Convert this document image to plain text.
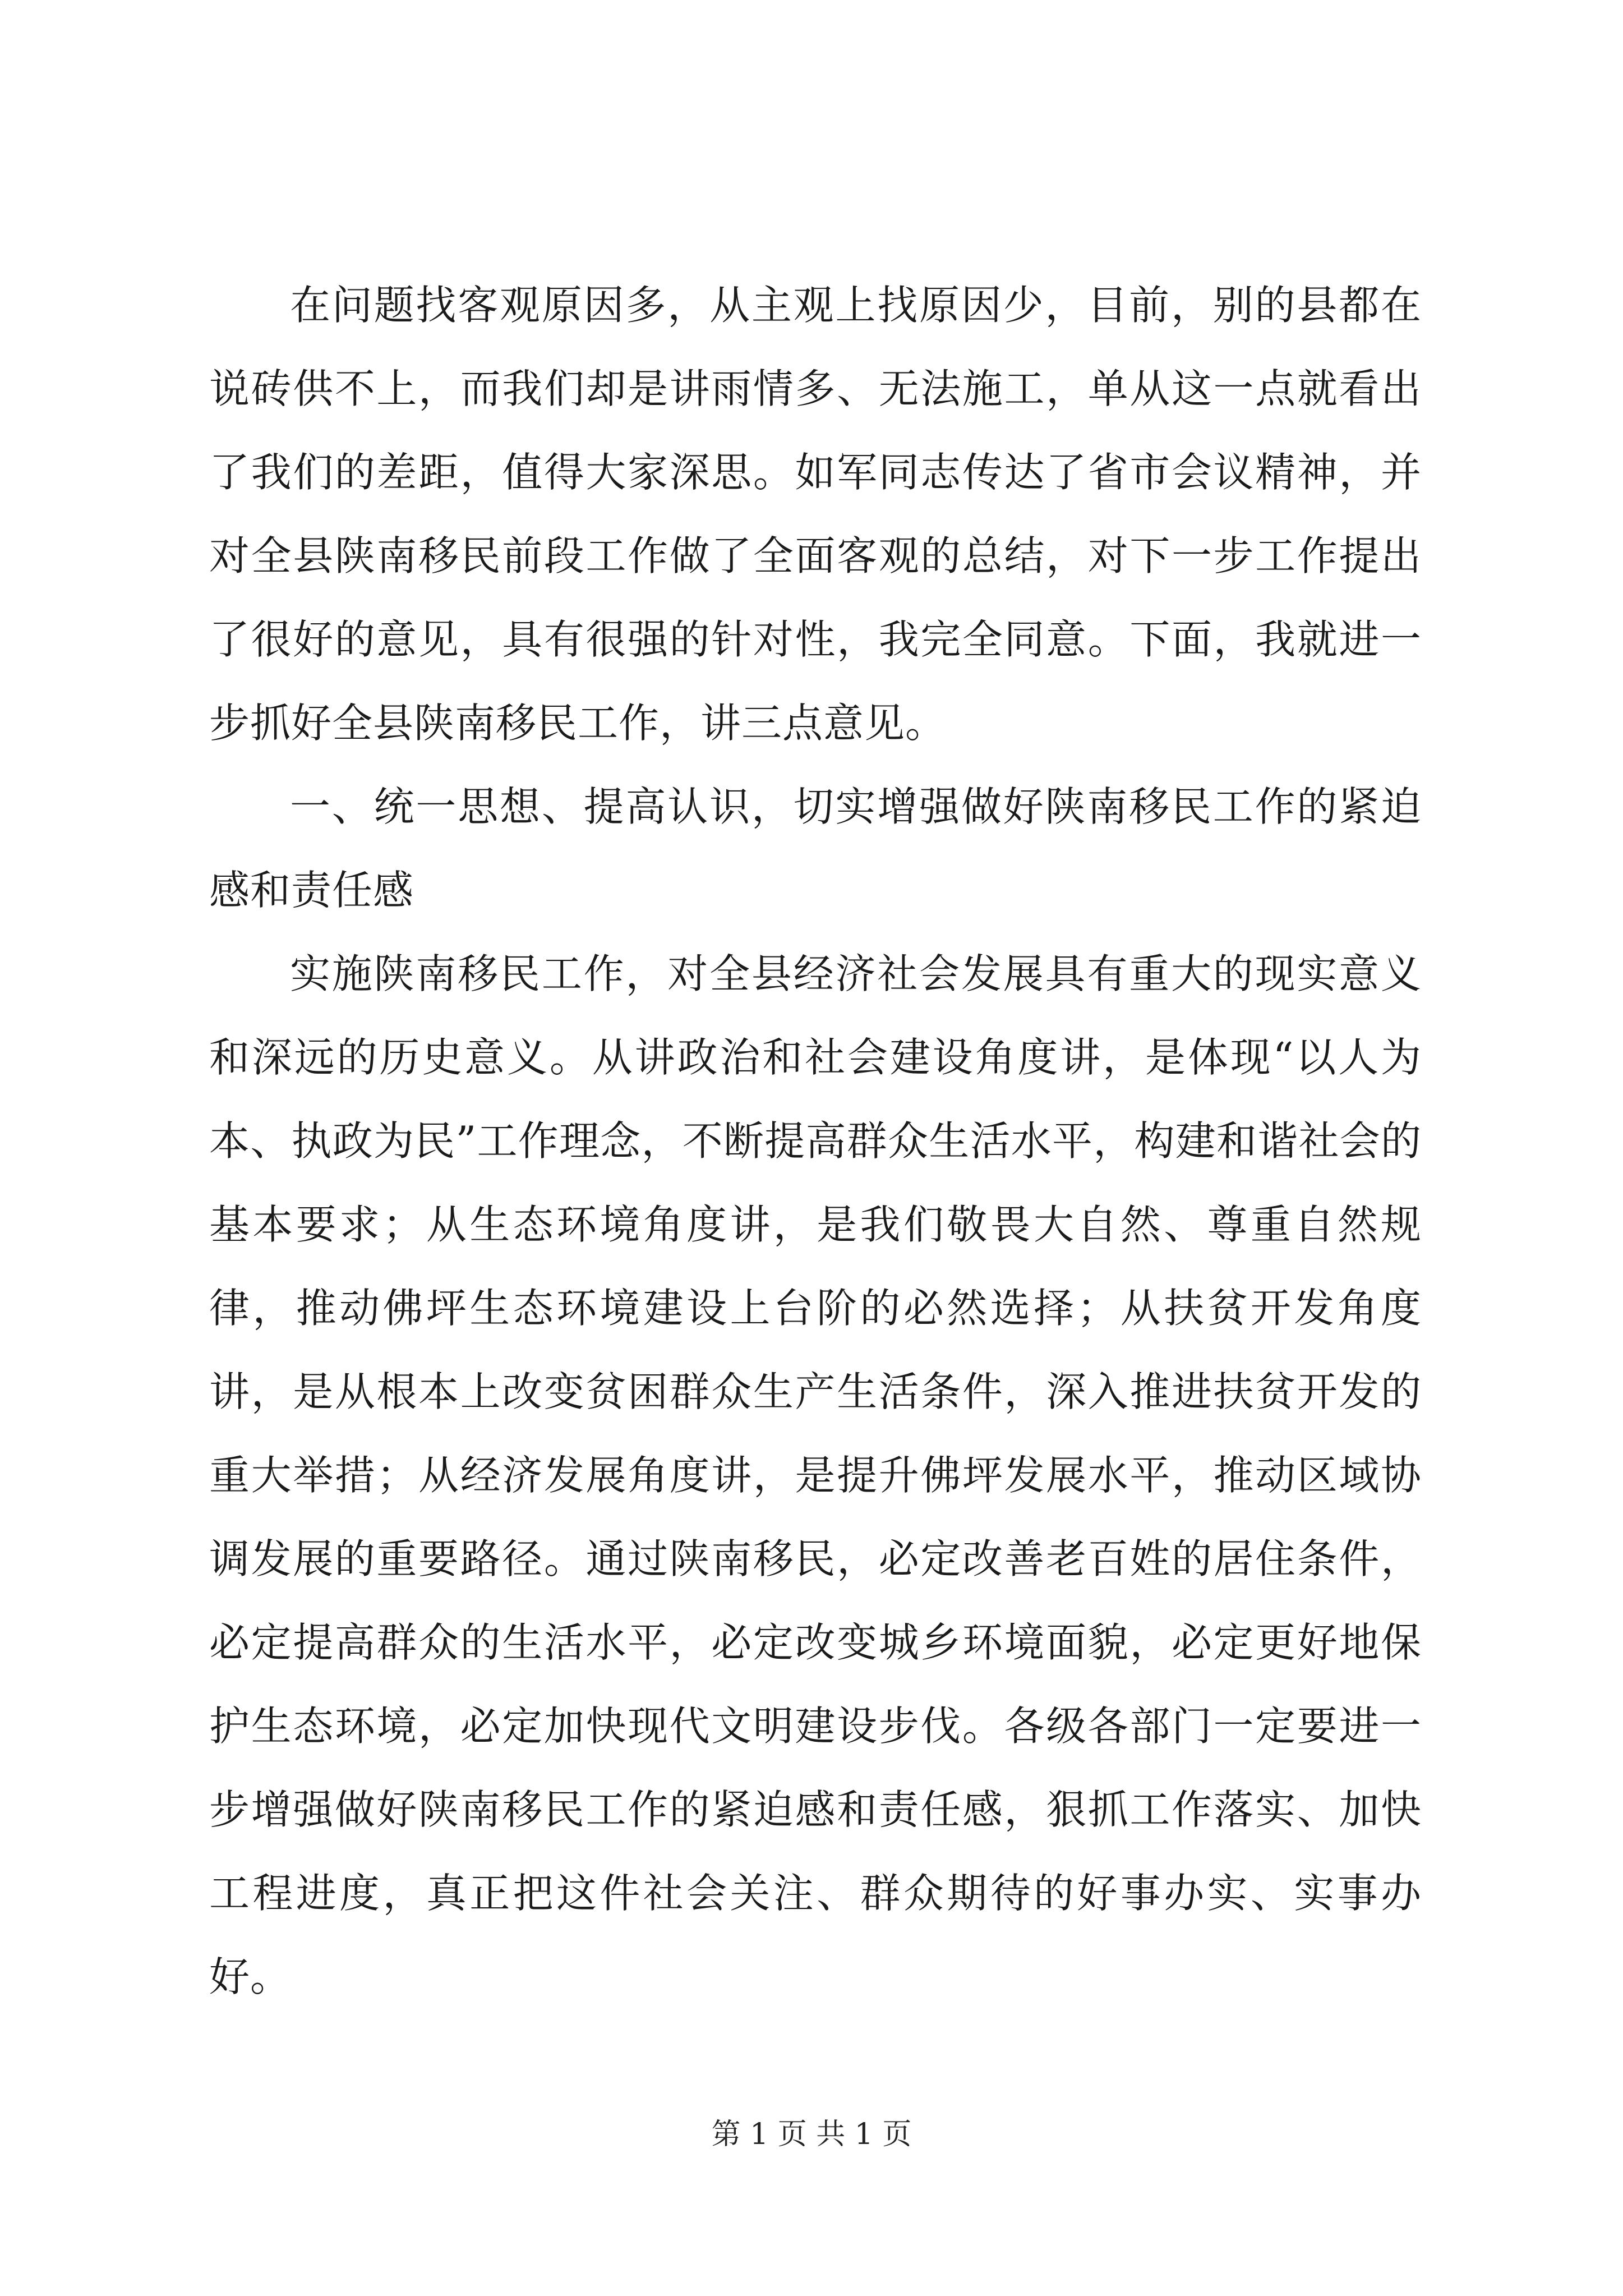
在问题找客观原因多，从主观上找原因少，目前，别的县都在说砖供不上，而我们却是讲雨情多、无法施工，单从这一点就看出了我们的差距，值得大家深思。如军同志传达了省市会议精神，并对全县陕南移民前段工作做了全面客观的总结，对下一步工作提出了很好的意见，具有很强的针对性，我完全同意。下面，我就进一步抓好全县陕南移民工作，讲三点意见。

一、统一思想、提高认识，切实增强做好陕南移民工作的紧迫感和责任感

实施陕南移民工作，对全县经济社会发展具有重大的现实意义和深远的历史意义。从讲政治和社会建设角度讲，是体现“以人为本、执政为民”工作理念，不断提高群众生活水平，构建和谐社会的基本要求；从生态环境角度讲，是我们敬畏大自然、尊重自然规律，推动佛坪生态环境建设上台阶的必然选择；从扶贫开发角度讲，是从根本上改变贫困群众生产生活条件，深入推进扶贫开发的重大举措；从经济发展角度讲，是提升佛坪发展水平，推动区域协调发展的重要路径。通过陕南移民，必定改善老百姓的居住条件，必定提高群众的生活水平，必定改变城乡环境面貌，必定更好地保护生态环境，必定加快现代文明建设步伐。各级各部门一定要进一步增强做好陕南移民工作的紧迫感和责任感，狠抓工作落实、加快工程进度，真正把这件社会关注、群众期待的好事办实、实事办好。

第 1 页 共 1 页
